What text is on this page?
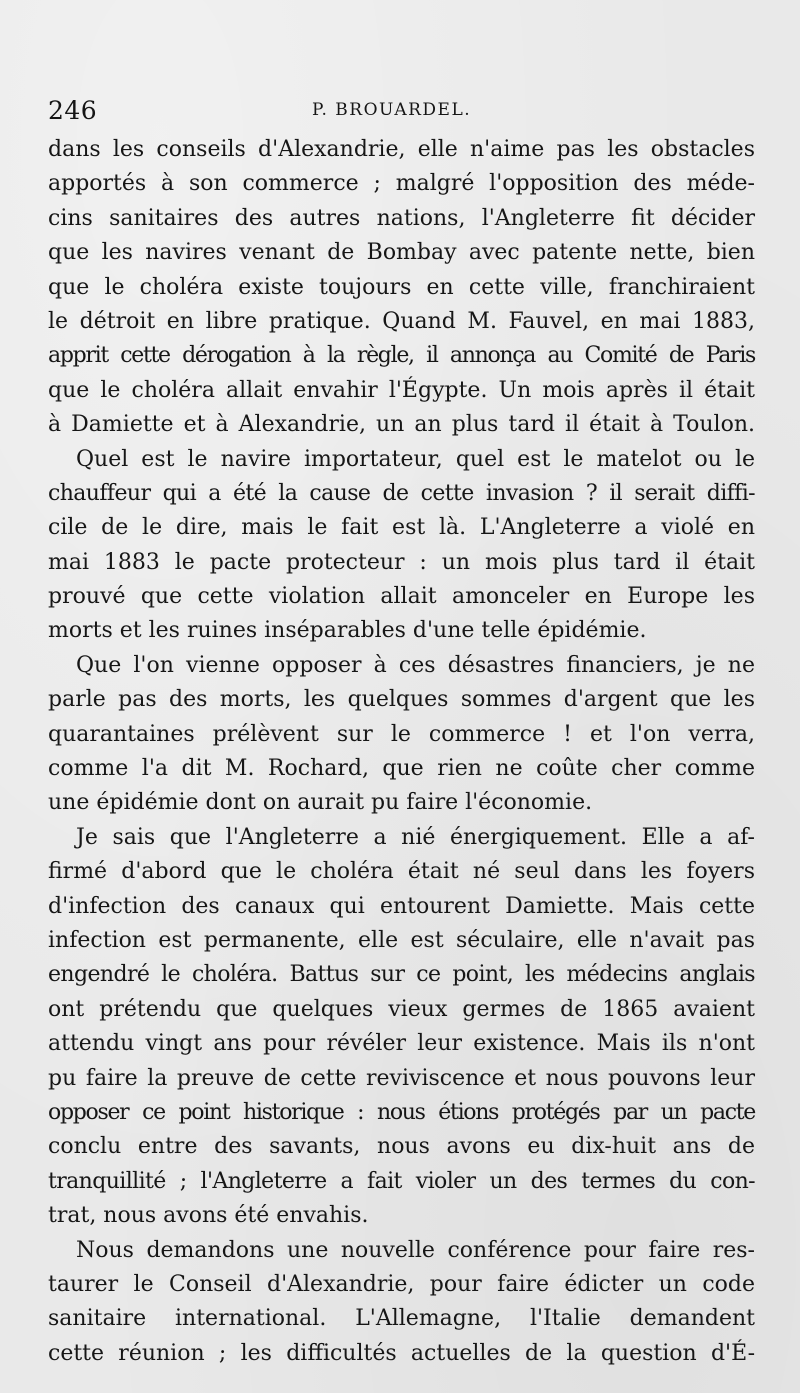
246	P. BROUARDEL.
dans les conseils d'Alexandrie, elle n'aime pas les obstacles
apportés à son commerce ; malgré l'opposition des méde-
cins sanitaires des autres nations, l'Angleterre fit décider
que les navires venant de Bombay avec patente nette, bien
que le choléra existe toujours en cette ville, franchiraient
le détroit en libre pratique. Quand M. Fauvel, en mai 1883,
apprit cette dérogation à la règle, il annonça au Comité de Paris
que le choléra allait envahir l'Égypte. Un mois après il était
à Damiette et à Alexandrie, un an plus tard il était à Toulon.
Quel est le navire importateur, quel est le matelot ou le
chauffeur qui a été la cause de cette invasion ? il serait diffi-
cile de le dire, mais le fait est là. L'Angleterre a violé en
mai 1883 le pacte protecteur : un mois plus tard il était
prouvé que cette violation allait amonceler en Europe les
morts et les ruines inséparables d'une telle épidémie.
Que l'on vienne opposer à ces désastres financiers, je ne
parle pas des morts, les quelques sommes d'argent que les
quarantaines prélèvent sur le commerce ! et l'on verra,
comme l'a dit M. Rochard, que rien ne coûte cher comme
une épidémie dont on aurait pu faire l'économie.
Je sais que l'Angleterre a nié énergiquement. Elle a af-
firmé d'abord que le choléra était né seul dans les foyers
d'infection des canaux qui entourent Damiette. Mais cette
infection est permanente, elle est séculaire, elle n'avait pas
engendré le choléra. Battus sur ce point, les médecins anglais
ont prétendu que quelques vieux germes de 1865 avaient
attendu vingt ans pour révéler leur existence. Mais ils n'ont
pu faire la preuve de cette reviviscence et nous pouvons leur
opposer ce point historique : nous étions protégés par un pacte
conclu entre des savants, nous avons eu dix-huit ans de
tranquillité ; l'Angleterre a fait violer un des termes du con-
trat, nous avons été envahis.
Nous demandons une nouvelle conférence pour faire res-
taurer le Conseil d'Alexandrie, pour faire édicter un code
sanitaire international. L'Allemagne, l'Italie demandent
cette réunion ; les difficultés actuelles de la question d'É-
